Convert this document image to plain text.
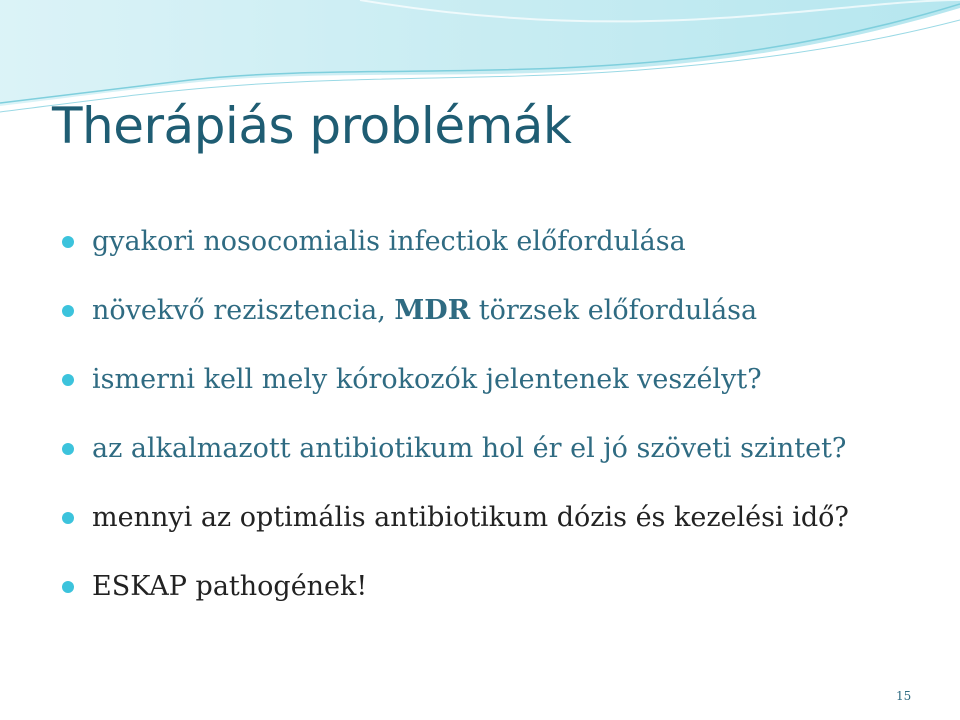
Therápiás problémák
gyakori nosocomialis infectiok előfordulása
növekvő rezisztencia, MDR törzsek előfordulása
ismerni kell mely kórokozók jelentenek veszélyt?
az alkalmazott antibiotikum hol ér el jó szöveti szintet?
mennyi az optimális antibiotikum dózis és kezelési idő?
ESKAP pathogének!
15
